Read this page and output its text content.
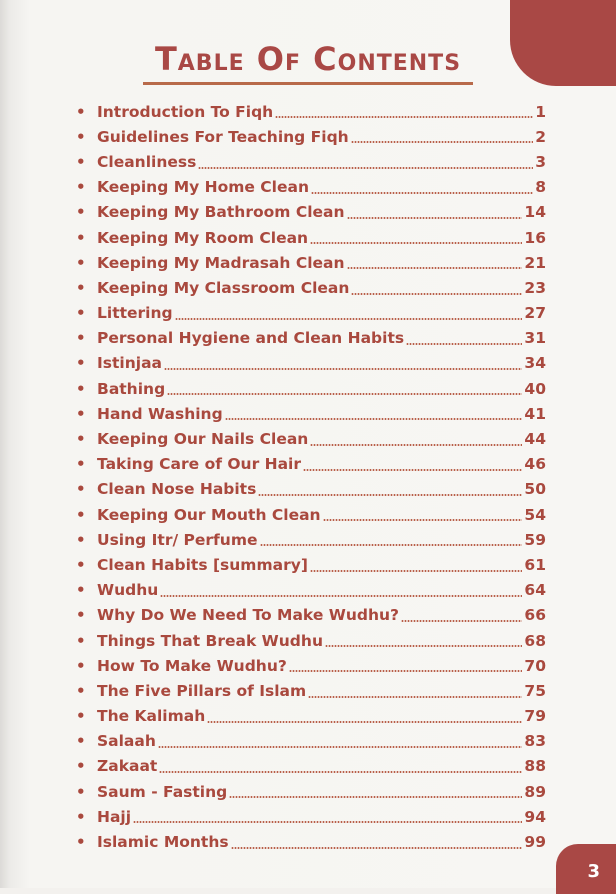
Table Of Contents
• Introduction To Fiqh	1
• Guidelines For Teaching Fiqh	2
• Cleanliness	3
• Keeping My Home Clean	8
• Keeping My Bathroom Clean	14
• Keeping My Room Clean	16
• Keeping My Madrasah Clean	21
• Keeping My Classroom Clean	23
• Littering	27
• Personal Hygiene and Clean Habits	31
• Istinjaa	34
• Bathing	40
• Hand Washing	41
• Keeping Our Nails Clean	44
• Taking Care of Our Hair	46
• Clean Nose Habits	50
• Keeping Our Mouth Clean	54
• Using Itr/ Perfume	59
• Clean Habits [summary]	61
• Wudhu	64
• Why Do We Need To Make Wudhu?	66
• Things That Break Wudhu	68
• How To Make Wudhu?	70
• The Five Pillars of Islam	75
• The Kalimah	79
• Salaah	83
• Zakaat	88
• Saum - Fasting	89
• Hajj	94
• Islamic Months	99
3
